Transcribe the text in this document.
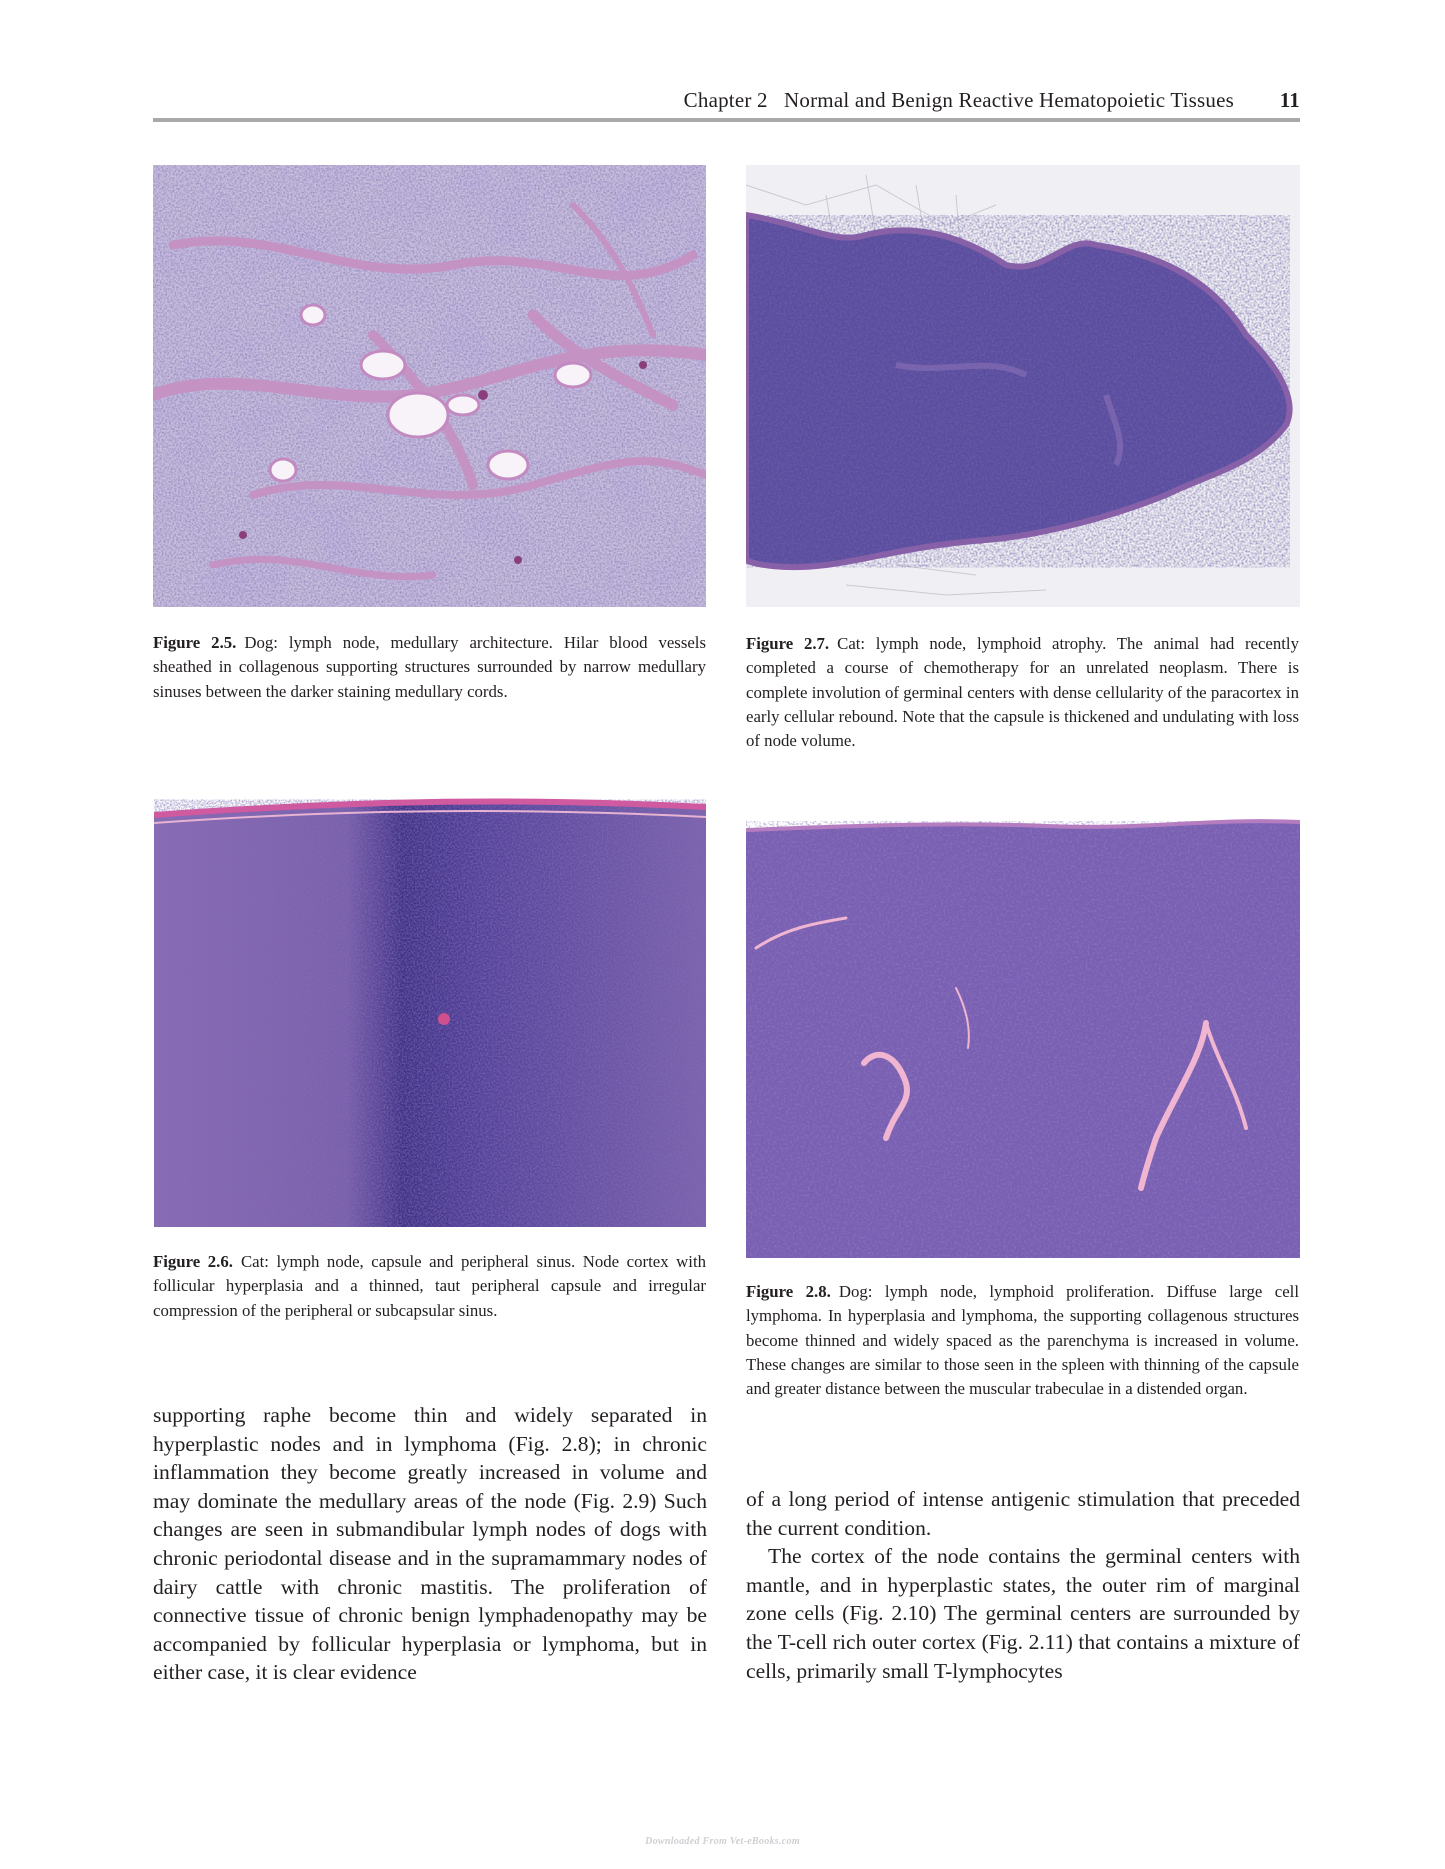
Chapter 2 Normal and Benign Reactive Hematopoietic Tissues 11
Figure 2.5. Dog: lymph node, medullary architecture. Hilar blood vessels sheathed in collagenous supporting structures surrounded by narrow medullary sinuses between the darker staining medullary cords.
Figure 2.7. Cat: lymph node, lymphoid atrophy. The animal had recently completed a course of chemotherapy for an unrelated neoplasm. There is complete involution of germinal centers with dense cellularity of the paracortex in early cellular rebound. Note that the capsule is thickened and undulating with loss of node volume.
Figure 2.6. Cat: lymph node, capsule and peripheral sinus. Node cortex with follicular hyperplasia and a thinned, taut peripheral capsule and irregular compression of the peripheral or subcapsular sinus.
Figure 2.8. Dog: lymph node, lymphoid proliferation. Diffuse large cell lymphoma. In hyperplasia and lymphoma, the supporting collagenous structures become thinned and widely spaced as the parenchyma is increased in volume. These changes are similar to those seen in the spleen with thinning of the capsule and greater distance between the muscular trabeculae in a distended organ.

supporting raphe become thin and widely separated in hyperplastic nodes and in lymphoma (Fig. 2.8); in chronic inflammation they become greatly increased in volume and may dominate the medullary areas of the node (Fig. 2.9) Such changes are seen in submandibular lymph nodes of dogs with chronic periodontal disease and in the supramammary nodes of dairy cattle with chronic mastitis. The proliferation of connective tissue of chronic benign lymphadenopathy may be accompanied by follicular hyperplasia or lymphoma, but in either case, it is clear evidence

of a long period of intense antigenic stimulation that preceded the current condition.

The cortex of the node contains the germinal centers with mantle, and in hyperplastic states, the outer rim of marginal zone cells (Fig. 2.10) The germinal centers are surrounded by the T-cell rich outer cortex (Fig. 2.11) that contains a mixture of cells, primarily small T-lymphocytes

Downloaded From Vet-eBooks.com
